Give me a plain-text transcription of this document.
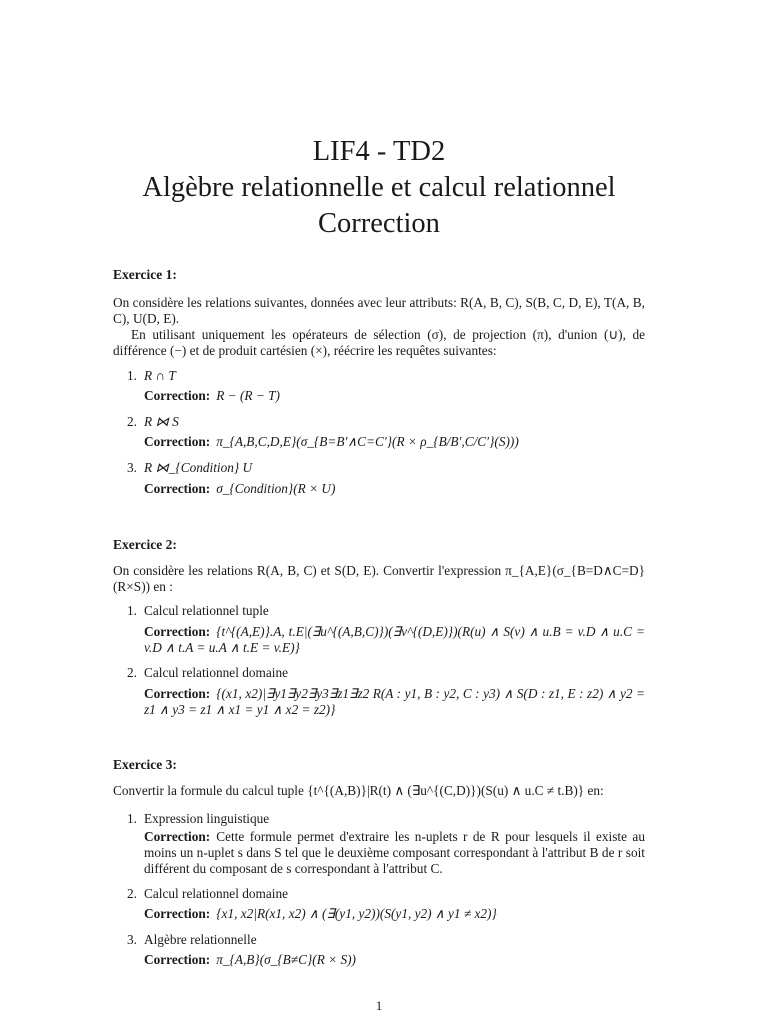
LIF4 - TD2
Algèbre relationnelle et calcul relationnel
Correction
Exercice 1:
On considère les relations suivantes, données avec leur attributs: R(A, B, C), S(B, C, D, E), T(A, B, C), U(D, E).
En utilisant uniquement les opérateurs de sélection (σ), de projection (π), d'union (∪), de différence (−) et de produit cartésien (×), réécrire les requêtes suivantes:
1. R ∩ T
Correction: R − (R − T)
2. R ⋈ S
Correction: π_{A,B,C,D,E}(σ_{B=B′∧C=C′}(R × ρ_{B/B′,C/C′}(S)))
3. R ⋈_{Condition} U
Correction: σ_{Condition}(R × U)
Exercice 2:
On considère les relations R(A, B, C) et S(D, E). Convertir l'expression π_{A,E}(σ_{B=D∧C=D}(R×S)) en :
1. Calcul relationnel tuple
Correction: {t^{(A,E)}.A, t.E|(∃u^{(A,B,C)})(∃v^{(D,E)})(R(u) ∧ S(v) ∧ u.B = v.D ∧ u.C = v.D ∧ t.A = u.A ∧ t.E = v.E)}
2. Calcul relationnel domaine
Correction: {(x1, x2)|∃y1∃y2∃y3∃z1∃z2 R(A : y1, B : y2, C : y3) ∧ S(D : z1, E : z2) ∧ y2 = z1 ∧ y3 = z1 ∧ x1 = y1 ∧ x2 = z2)}
Exercice 3:
Convertir la formule du calcul tuple {t^{(A,B)}|R(t) ∧ (∃u^{(C,D)})(S(u) ∧ u.C ≠ t.B)} en:
1. Expression linguistique
Correction: Cette formule permet d'extraire les n-uplets r de R pour lesquels il existe au moins un n-uplet s dans S tel que le deuxième composant correspondant à l'attribut B de r soit différent du composant de s correspondant à l'attribut C.
2. Calcul relationnel domaine
Correction: {x1, x2|R(x1, x2) ∧ (∃(y1, y2))(S(y1, y2) ∧ y1 ≠ x2)}
3. Algèbre relationnelle
Correction: π_{A,B}(σ_{B≠C}(R × S))
1
